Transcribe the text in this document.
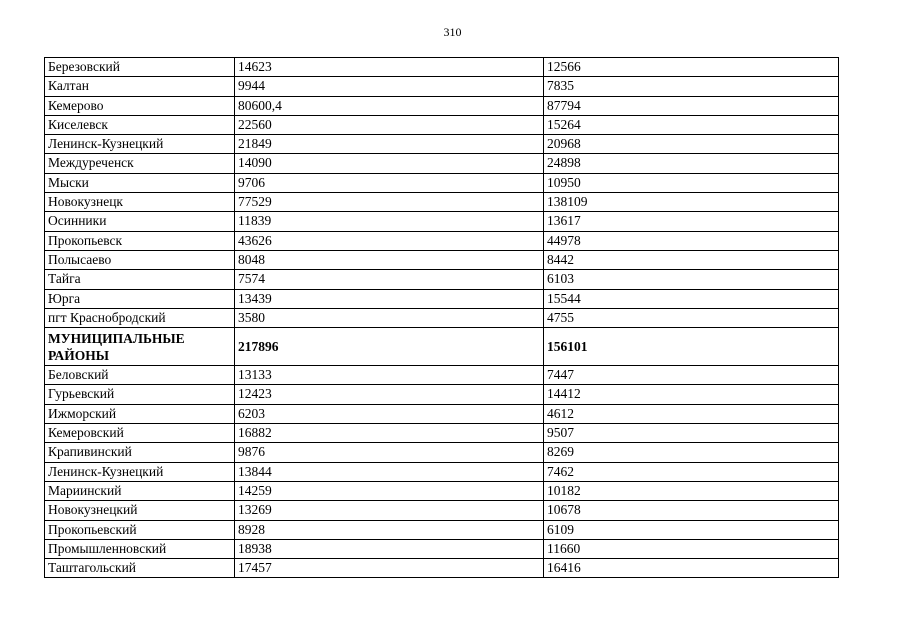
310
Березовский	14623	12566
Калтан	9944	7835
Кемерово	80600,4	87794
Киселевск	22560	15264
Ленинск-Кузнецкий	21849	20968
Междуреченск	14090	24898
Мыски	9706	10950
Новокузнецк	77529	138109
Осинники	11839	13617
Прокопьевск	43626	44978
Полысаево	8048	8442
Тайга	7574	6103
Юрга	13439	15544
пгт Краснобродский	3580	4755
МУНИЦИПАЛЬНЫЕ РАЙОНЫ	217896	156101
Беловский	13133	7447
Гурьевский	12423	14412
Ижморский	6203	4612
Кемеровский	16882	9507
Крапивинский	9876	8269
Ленинск-Кузнецкий	13844	7462
Мариинский	14259	10182
Новокузнецкий	13269	10678
Прокопьевский	8928	6109
Промышленновский	18938	11660
Таштагольский	17457	16416
